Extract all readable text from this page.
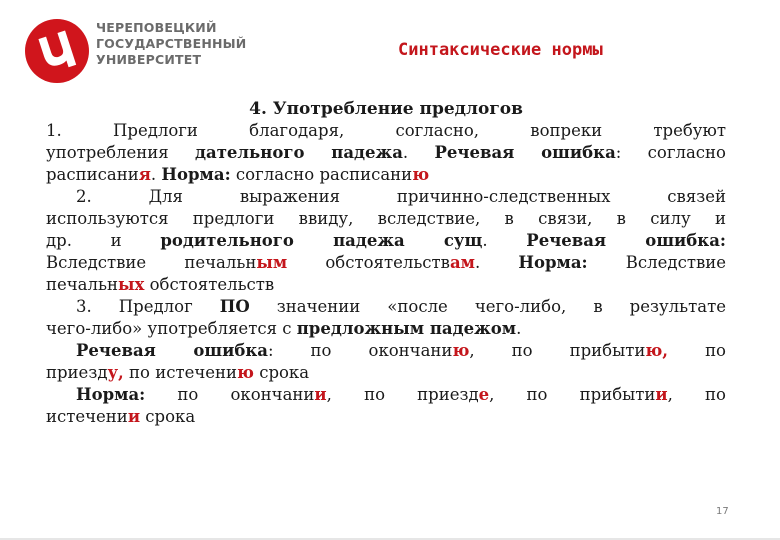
ЧЕРЕПОВЕЦКИЙ
ГОСУДАРСТВЕННЫЙ
УНИВЕРСИТЕТ	Синтаксические нормы
4. Употребление предлогов
1. Предлоги благодаря, согласно, вопреки требуют
употребления дательного падежа. Речевая ошибка: согласно
расписания. Норма: согласно расписанию
2. Для выражения причинно-следственных связей
используются предлоги ввиду, вследствие, в связи, в силу и
др. и родительного падежа сущ. Речевая ошибка:
Вследствие печальным обстоятельствам. Норма: Вследствие
печальных обстоятельств
3. Предлог ПО значении «после чего-либо, в результате
чего-либо» употребляется с предложным падежом.
Речевая ошибка: по окончанию, по прибытию, по
приезду, по истечению срока
Норма: по окончании, по приезде, по прибытии, по
истечении срока
17
